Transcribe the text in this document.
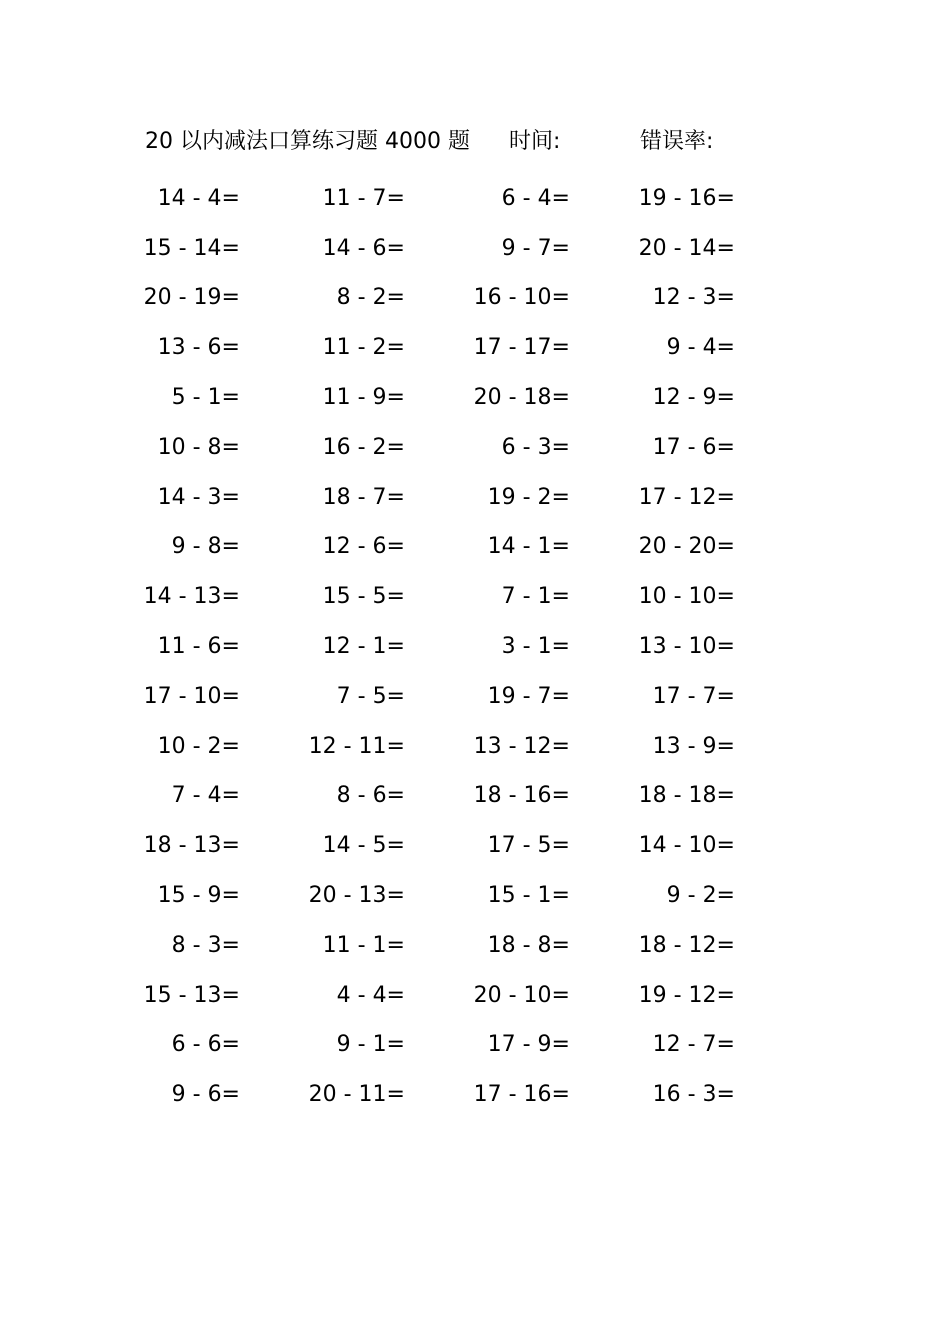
20 以内减法口算练习题 4000 题 时间:	错误率:
14 - 4=	11 - 7=	6 - 4=	19 - 16=
15 - 14=	14 - 6=	9 - 7=	20 - 14=
20 - 19=	8 - 2=	16 - 10=	12 - 3=
13 - 6=	11 - 2=	17 - 17=	9 - 4=
5 - 1=	11 - 9=	20 - 18=	12 - 9=
10 - 8=	16 - 2=	6 - 3=	17 - 6=
14 - 3=	18 - 7=	19 - 2=	17 - 12=
9 - 8=	12 - 6=	14 - 1=	20 - 20=
14 - 13=	15 - 5=	7 - 1=	10 - 10=
11 - 6=	12 - 1=	3 - 1=	13 - 10=
17 - 10=	7 - 5=	19 - 7=	17 - 7=
10 - 2=	12 - 11=	13 - 12=	13 - 9=
7 - 4=	8 - 6=	18 - 16=	18 - 18=
18 - 13=	14 - 5=	17 - 5=	14 - 10=
15 - 9=	20 - 13=	15 - 1=	9 - 2=
8 - 3=	11 - 1=	18 - 8=	18 - 12=
15 - 13=	4 - 4=	20 - 10=	19 - 12=
6 - 6=	9 - 1=	17 - 9=	12 - 7=
9 - 6=	20 - 11=	17 - 16=	16 - 3=
